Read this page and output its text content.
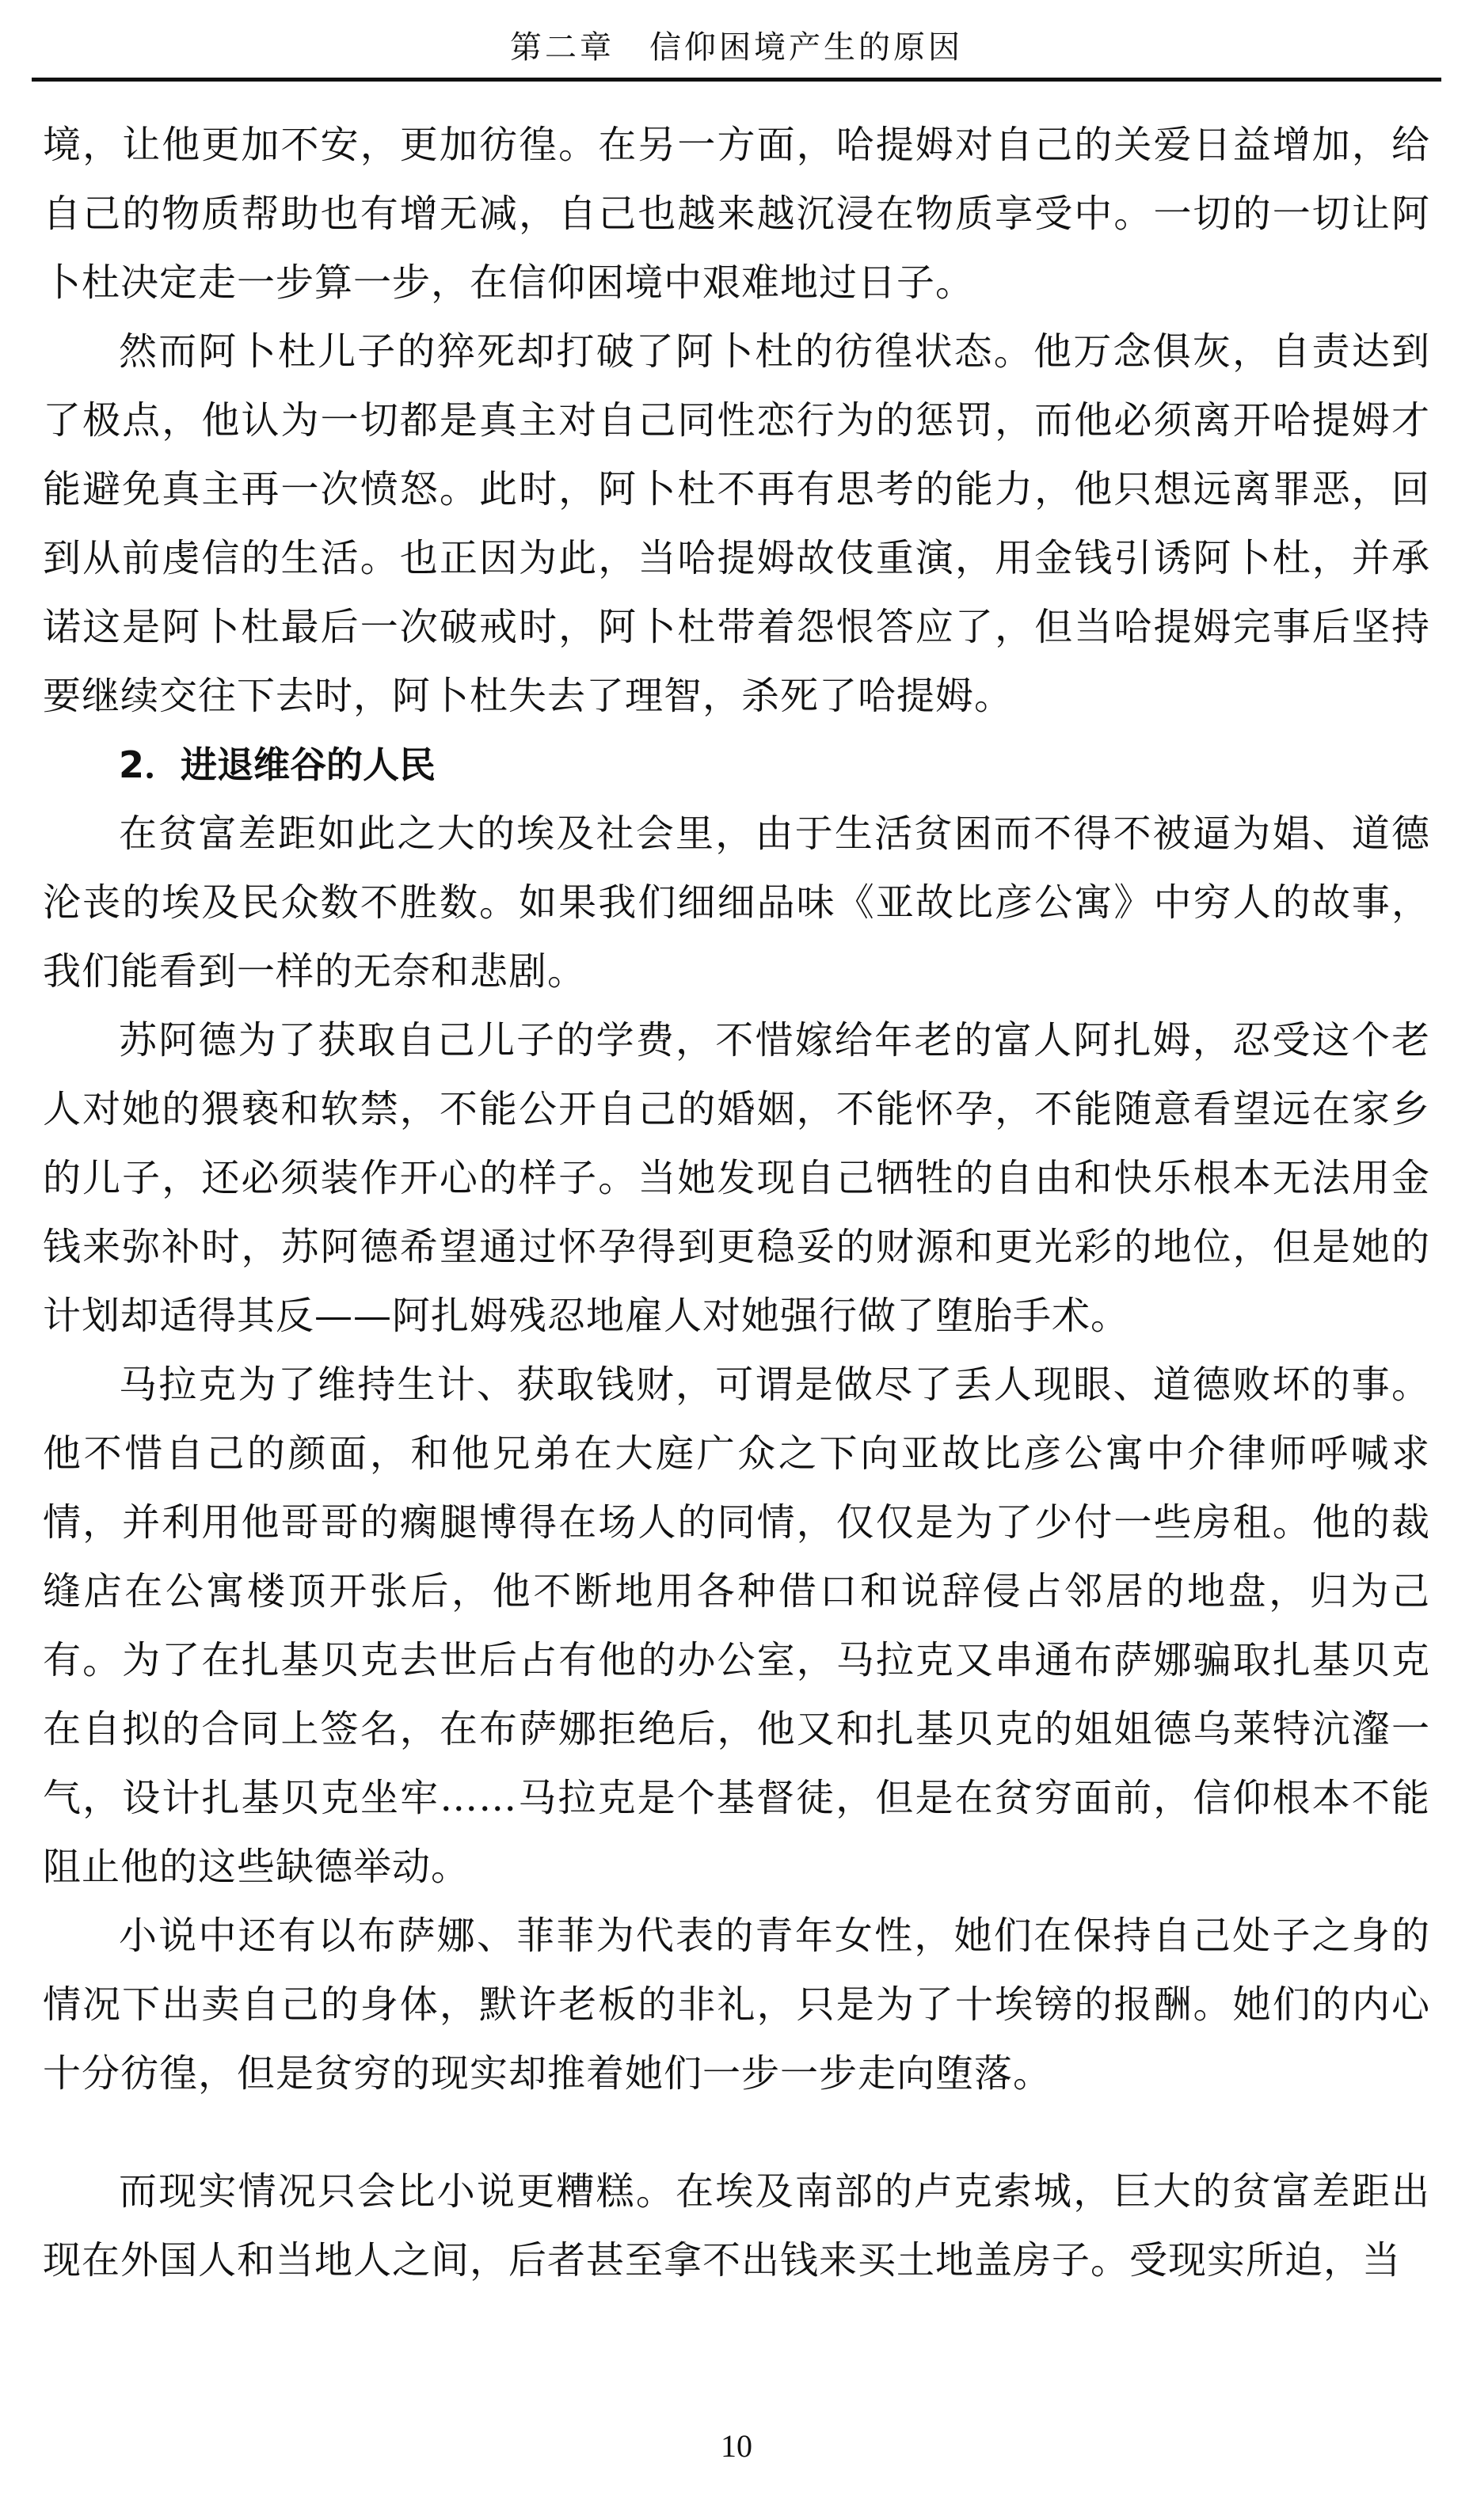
第二章　信仰困境产生的原因

境，让他更加不安，更加彷徨。在另一方面，哈提姆对自己的关爱日益增加，给自己的物质帮助也有增无减，自己也越来越沉浸在物质享受中。一切的一切让阿卜杜决定走一步算一步，在信仰困境中艰难地过日子。

然而阿卜杜儿子的猝死却打破了阿卜杜的彷徨状态。他万念俱灰，自责达到了极点，他认为一切都是真主对自己同性恋行为的惩罚，而他必须离开哈提姆才能避免真主再一次愤怒。此时，阿卜杜不再有思考的能力，他只想远离罪恶，回到从前虔信的生活。也正因为此，当哈提姆故伎重演，用金钱引诱阿卜杜，并承诺这是阿卜杜最后一次破戒时，阿卜杜带着怨恨答应了，但当哈提姆完事后坚持要继续交往下去时，阿卜杜失去了理智，杀死了哈提姆。

2．进退维谷的人民

在贫富差距如此之大的埃及社会里，由于生活贫困而不得不被逼为娼、道德沦丧的埃及民众数不胜数。如果我们细细品味《亚故比彦公寓》中穷人的故事，我们能看到一样的无奈和悲剧。

苏阿德为了获取自己儿子的学费，不惜嫁给年老的富人阿扎姆，忍受这个老人对她的猥亵和软禁，不能公开自己的婚姻，不能怀孕，不能随意看望远在家乡的儿子，还必须装作开心的样子。当她发现自己牺牲的自由和快乐根本无法用金钱来弥补时，苏阿德希望通过怀孕得到更稳妥的财源和更光彩的地位，但是她的计划却适得其反——阿扎姆残忍地雇人对她强行做了堕胎手术。

马拉克为了维持生计、获取钱财，可谓是做尽了丢人现眼、道德败坏的事。他不惜自己的颜面，和他兄弟在大庭广众之下向亚故比彦公寓中介律师呼喊求情，并利用他哥哥的瘸腿博得在场人的同情，仅仅是为了少付一些房租。他的裁缝店在公寓楼顶开张后，他不断地用各种借口和说辞侵占邻居的地盘，归为己有。为了在扎基贝克去世后占有他的办公室，马拉克又串通布萨娜骗取扎基贝克在自拟的合同上签名，在布萨娜拒绝后，他又和扎基贝克的姐姐德乌莱特沆瀣一气，设计扎基贝克坐牢……马拉克是个基督徒，但是在贫穷面前，信仰根本不能阻止他的这些缺德举动。

小说中还有以布萨娜、菲菲为代表的青年女性，她们在保持自己处子之身的情况下出卖自己的身体，默许老板的非礼，只是为了十埃镑的报酬。她们的内心十分彷徨，但是贫穷的现实却推着她们一步一步走向堕落。

而现实情况只会比小说更糟糕。在埃及南部的卢克索城，巨大的贫富差距出现在外国人和当地人之间，后者甚至拿不出钱来买土地盖房子。受现实所迫，当

10
